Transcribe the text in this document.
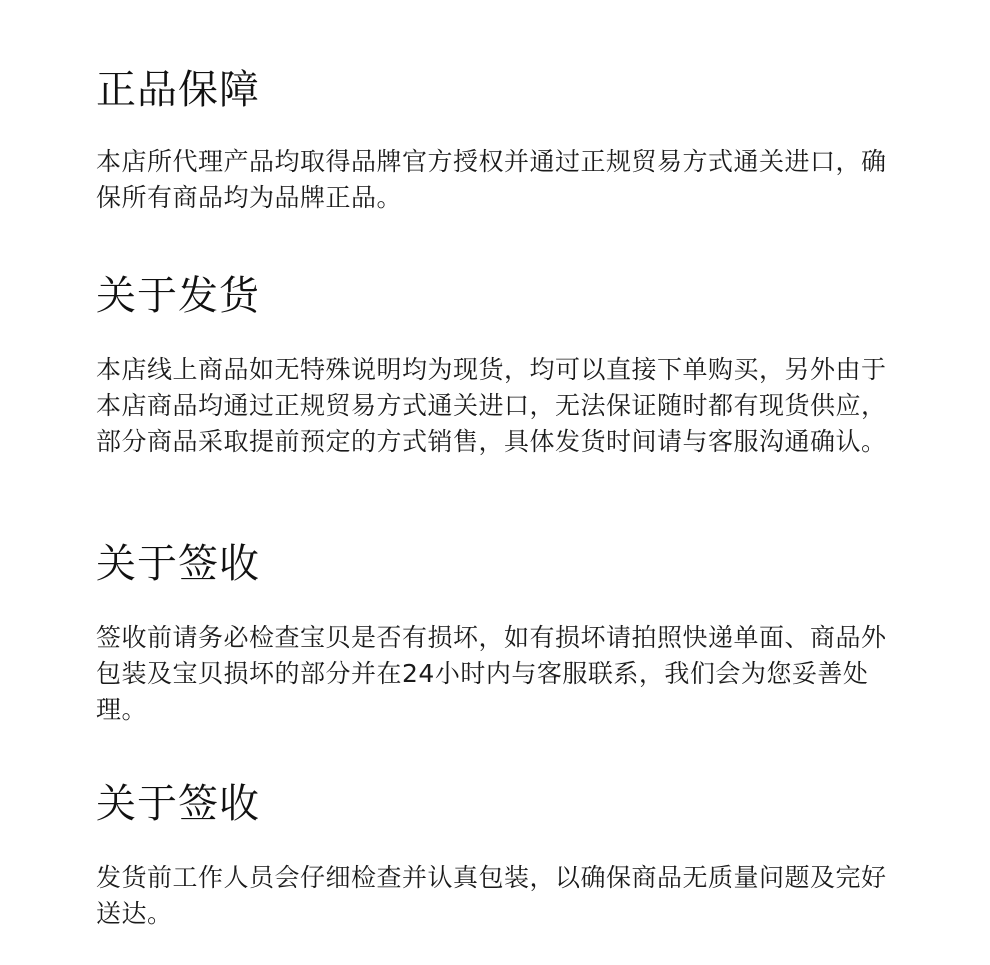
正品保障

本店所代理产品均取得品牌官方授权并通过正规贸易方式通关进口，确保所有商品均为品牌正品。

关于发货

本店线上商品如无特殊说明均为现货，均可以直接下单购买，另外由于本店商品均通过正规贸易方式通关进口，无法保证随时都有现货供应，部分商品采取提前预定的方式销售，具体发货时间请与客服沟通确认。

关于签收

签收前请务必检查宝贝是否有损坏，如有损坏请拍照快递单面、商品外包装及宝贝损坏的部分并在24小时内与客服联系，我们会为您妥善处理。

关于签收

发货前工作人员会仔细检查并认真包装，以确保商品无质量问题及完好送达。
